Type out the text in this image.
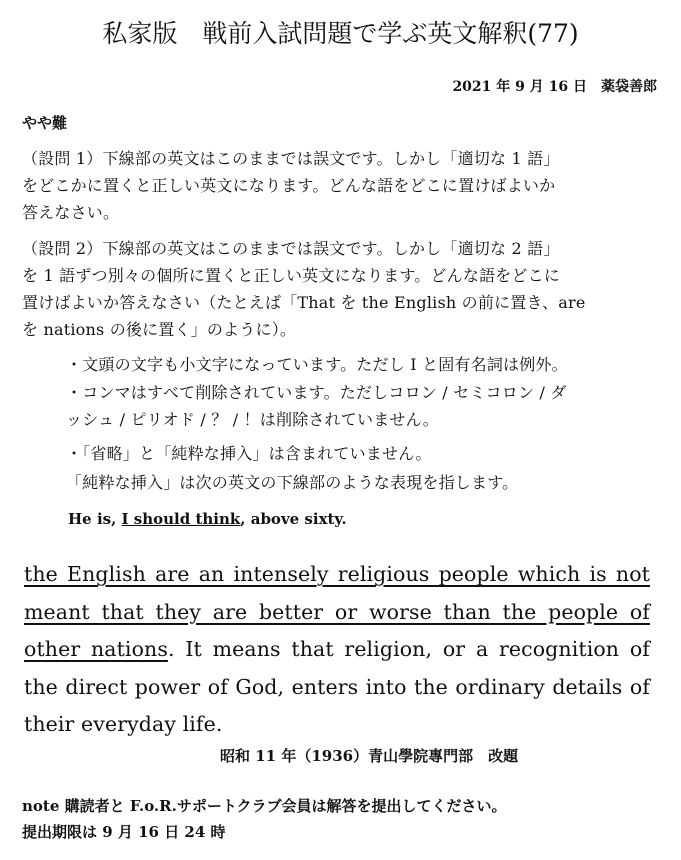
私家版　戦前入試問題で学ぶ英文解釈(77)
2021 年 9 月 16 日　薬袋善郎
やや難
（設問 1）下線部の英文はこのままでは誤文です。しかし「適切な 1 語」
をどこかに置くと正しい英文になります。どんな語をどこに置けばよいか
答えなさい。
（設問 2）下線部の英文はこのままでは誤文です。しかし「適切な 2 語」
を 1 語ずつ別々の個所に置くと正しい英文になります。どんな語をどこに
置けばよいか答えなさい（たとえば「That を the English の前に置き、are
を nations の後に置く」のように）。
・文頭の文字も小文字になっています。ただし I と固有名詞は例外。
・コンマはすべて削除されています。ただしコロン / セミコロン / ダ
ッシュ / ピリオド / ？ / ！は削除されていません。
・「省略」と「純粋な挿入」は含まれていません。
「純粋な挿入」は次の英文の下線部のような表現を指します。
He is, I should think, above sixty.
the English are an intensely religious people which is not meant that they are better or worse than the people of other nations. It means that religion, or a recognition of the direct power of God, enters into the ordinary details of their everyday life.
昭和 11 年（1936）青山學院專門部　改題
note 購読者と F.o.R.サポートクラブ会員は解答を提出してください。
提出期限は 9 月 16 日 24 時
